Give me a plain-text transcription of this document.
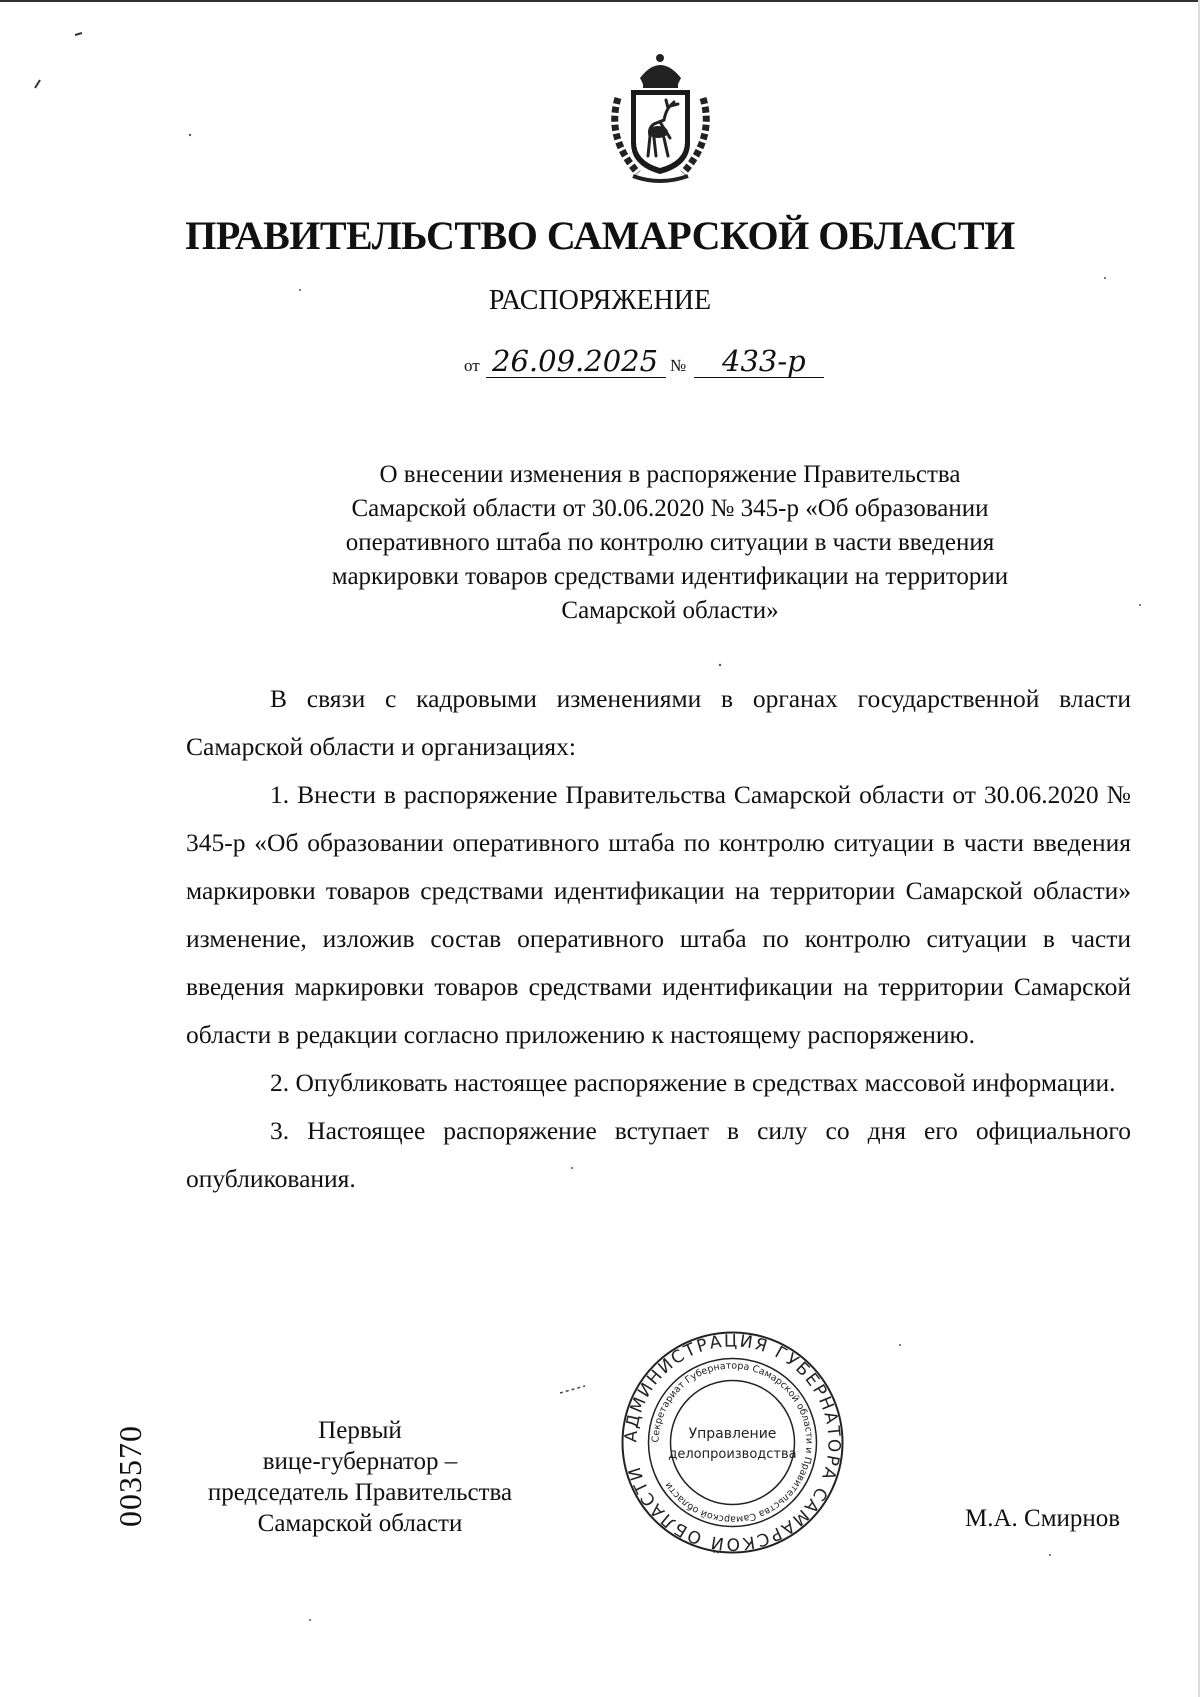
ПРАВИТЕЛЬСТВО САМАРСКОЙ ОБЛАСТИ
РАСПОРЯЖЕНИЕ
от 26.09.2025 № 433-р
О внесении изменения в распоряжение Правительства
Самарской области от 30.06.2020 № 345-р «Об образовании
оперативного штаба по контролю ситуации в части введения
маркировки товаров средствами идентификации на территории
Самарской области»

В связи с кадровыми изменениями в органах государственной власти Самарской области и организациях:

1. Внести в распоряжение Правительства Самарской области от 30.06.2020 № 345-р «Об образовании оперативного штаба по контролю ситуации в части введения маркировки товаров средствами идентификации на территории Самарской области» изменение, изложив состав оперативного штаба по контролю ситуации в части введения маркировки товаров средствами идентификации на территории Самарской области в редакции согласно приложению к настоящему распоряжению.

2. Опубликовать настоящее распоряжение в средствах массовой информации.

3. Настоящее распоряжение вступает в силу со дня его официального опубликования.

Первый
вице-губернатор –
председатель Правительства
Самарской области
АДМИНИСТРАЦИЯ ГУБЕРНАТОРА САМАРСКОЙ ОБЛАСТИ
Секретариат Губернатора Самарской области и Правительства Самарской области
Управление
делопроизводства
М.А. Смирнов
003570
